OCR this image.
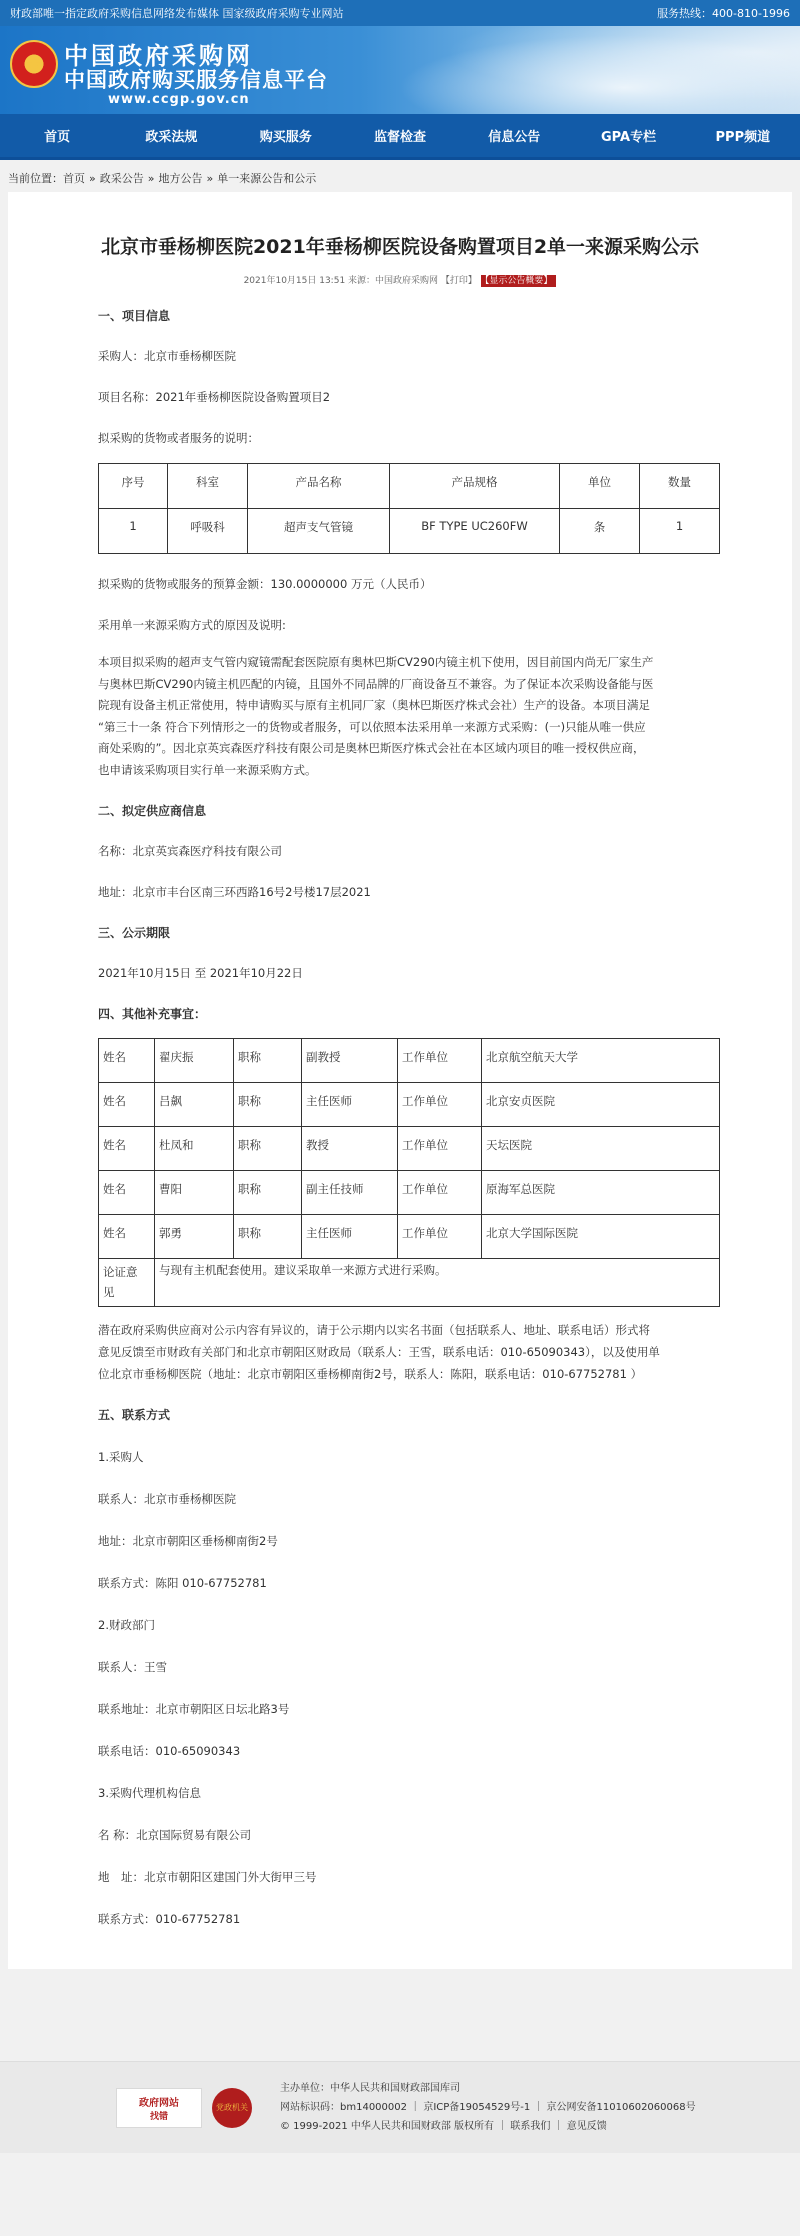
财政部唯一指定政府采购信息网络发布媒体 国家级政府采购专业网站	服务热线：400-810-1996
★ 中国政府采购网
中国政府购买服务信息平台
www.ccgp.gov.cn
首页	政采法规	购买服务	监督检查	信息公告	GPA专栏	PPP频道
当前位置： 首页 » 政采公告 » 地方公告 » 单一来源公告和公示
北京市垂杨柳医院2021年垂杨柳医院设备购置项目2单一来源采购公示
2021年10月15日 13:51 来源：中国政府采购网 【打印】 【显示公告概要】
一、项目信息
采购人：北京市垂杨柳医院
项目名称：2021年垂杨柳医院设备购置项目2
拟采购的货物或者服务的说明：
序号	科室	产品名称	产品规格	单位	数量
1	呼吸科	超声支气管镜	BF TYPE UC260FW	条	1
拟采购的货物或服务的预算金额：130.0000000 万元（人民币）
采用单一来源采购方式的原因及说明:
本项目拟采购的超声支气管内窥镜需配套医院原有奥林巴斯CV290内镜主机下使用，因目前国内尚无厂家生产
与奥林巴斯CV290内镜主机匹配的内镜，且国外不同品牌的厂商设备互不兼容。为了保证本次采购设备能与医
院现有设备主机正常使用，特申请购买与原有主机同厂家（奥林巴斯医疗株式会社）生产的设备。本项目满足
“第三十一条 符合下列情形之一的货物或者服务，可以依照本法采用单一来源方式采购：(一)只能从唯一供应
商处采购的”。因北京英宾森医疗科技有限公司是奥林巴斯医疗株式会社在本区域内项目的唯一授权供应商，
也申请该采购项目实行单一来源采购方式。
二、拟定供应商信息
名称：北京英宾森医疗科技有限公司
地址：北京市丰台区南三环西路16号2号楼17层2021
三、公示期限
2021年10月15日 至 2021年10月22日
四、其他补充事宜：
姓名	翟庆振	职称	副教授	工作单位	北京航空航天大学
姓名	吕飙	职称	主任医师	工作单位	北京安贞医院
姓名	杜凤和	职称	教授	工作单位	天坛医院
姓名	曹阳	职称	副主任技师	工作单位	原海军总医院
姓名	郭勇	职称	主任医师	工作单位	北京大学国际医院

论证意
见	与现有主机配套使用。建议采取单一来源方式进行采购。				
潜在政府采购供应商对公示内容有异议的，请于公示期内以实名书面（包括联系人、地址、联系电话）形式将
意见反馈至市财政有关部门和北京市朝阳区财政局（联系人：王雪，联系电话：010-65090343），以及使用单
位北京市垂杨柳医院（地址：北京市朝阳区垂杨柳南街2号，联系人：陈阳，联系电话：010-67752781 ）
五、联系方式
1.采购人
联系人：北京市垂杨柳医院
地址：北京市朝阳区垂杨柳南街2号
联系方式：陈阳 010-67752781
2.财政部门
联系人：王雪
联系地址：北京市朝阳区日坛北路3号
联系电话：010-65090343
3.采购代理机构信息
名 称：北京国际贸易有限公司
地　址：北京市朝阳区建国门外大街甲三号
联系方式：010-67752781
政府网站
找错
党政机关
主办单位：中华人民共和国财政部国库司
网站标识码：bm14000002 ｜ 京ICP备19054529号-1 ｜ 京公网安备11010602060068号
© 1999-2021 中华人民共和国财政部 版权所有 ｜ 联系我们 ｜ 意见反馈
